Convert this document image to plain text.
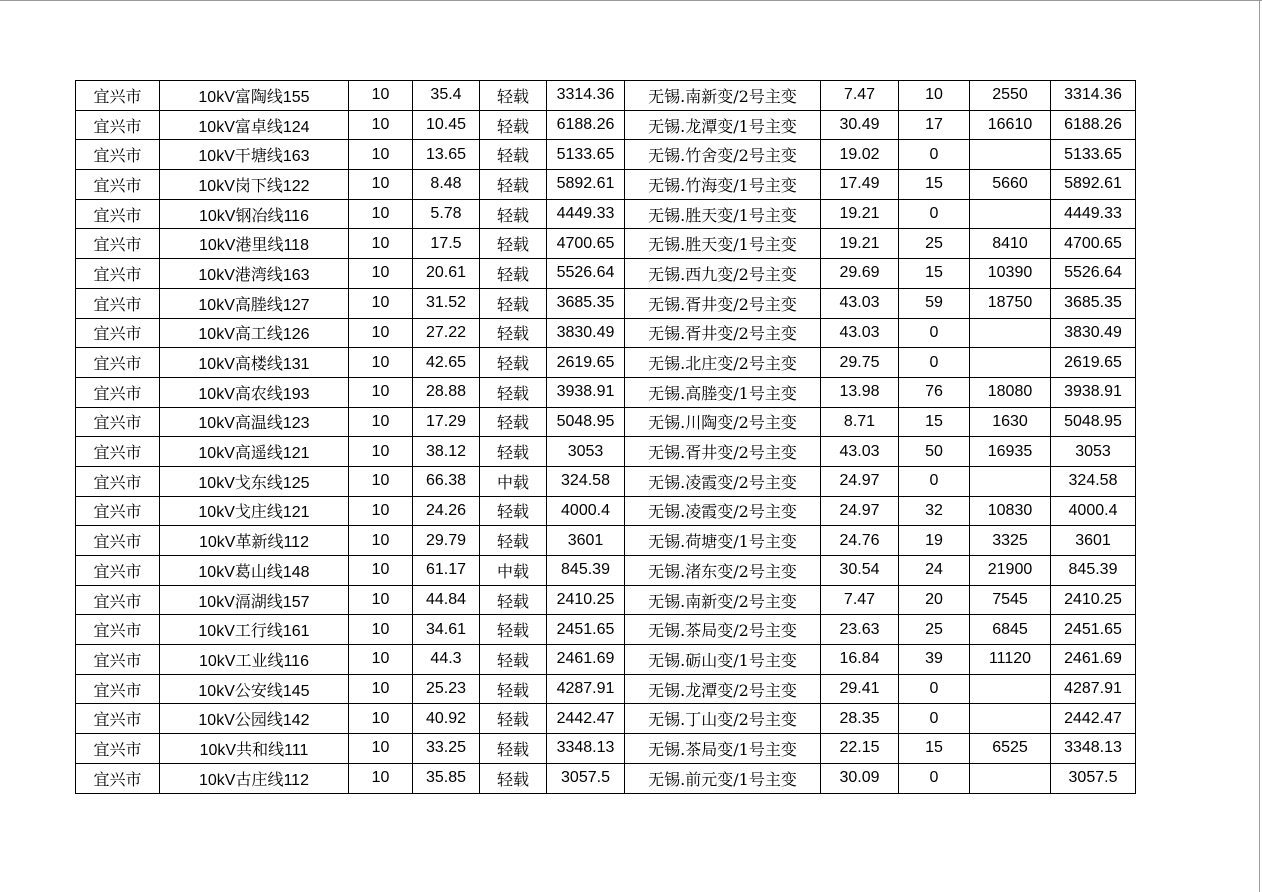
宜兴市	10kV富陶线155	10	35.4	轻载	3314.36	无锡.南新变/2号主变	7.47	10	2550	3314.36
宜兴市	10kV富卓线124	10	10.45	轻载	6188.26	无锡.龙潭变/1号主变	30.49	17	16610	6188.26
宜兴市	10kV干塘线163	10	13.65	轻载	5133.65	无锡.竹舍变/2号主变	19.02	0		5133.65
宜兴市	10kV岗下线122	10	8.48	轻载	5892.61	无锡.竹海变/1号主变	17.49	15	5660	5892.61
宜兴市	10kV钢冶线116	10	5.78	轻载	4449.33	无锡.胜天变/1号主变	19.21	0		4449.33
宜兴市	10kV港里线118	10	17.5	轻载	4700.65	无锡.胜天变/1号主变	19.21	25	8410	4700.65
宜兴市	10kV港湾线163	10	20.61	轻载	5526.64	无锡.西九变/2号主变	29.69	15	10390	5526.64
宜兴市	10kV高塍线127	10	31.52	轻载	3685.35	无锡.胥井变/2号主变	43.03	59	18750	3685.35
宜兴市	10kV高工线126	10	27.22	轻载	3830.49	无锡.胥井变/2号主变	43.03	0		3830.49
宜兴市	10kV高楼线131	10	42.65	轻载	2619.65	无锡.北庄变/2号主变	29.75	0		2619.65
宜兴市	10kV高农线193	10	28.88	轻载	3938.91	无锡.高塍变/1号主变	13.98	76	18080	3938.91
宜兴市	10kV高温线123	10	17.29	轻载	5048.95	无锡.川陶变/2号主变	8.71	15	1630	5048.95
宜兴市	10kV高遥线121	10	38.12	轻载	3053	无锡.胥井变/2号主变	43.03	50	16935	3053
宜兴市	10kV戈东线125	10	66.38	中载	324.58	无锡.凌霞变/2号主变	24.97	0		324.58
宜兴市	10kV戈庄线121	10	24.26	轻载	4000.4	无锡.凌霞变/2号主变	24.97	32	10830	4000.4
宜兴市	10kV革新线112	10	29.79	轻载	3601	无锡.荷塘变/1号主变	24.76	19	3325	3601
宜兴市	10kV葛山线148	10	61.17	中载	845.39	无锡.渚东变/2号主变	30.54	24	21900	845.39
宜兴市	10kV滆湖线157	10	44.84	轻载	2410.25	无锡.南新变/2号主变	7.47	20	7545	2410.25
宜兴市	10kV工行线161	10	34.61	轻载	2451.65	无锡.茶局变/2号主变	23.63	25	6845	2451.65
宜兴市	10kV工业线116	10	44.3	轻载	2461.69	无锡.砺山变/1号主变	16.84	39	11120	2461.69
宜兴市	10kV公安线145	10	25.23	轻载	4287.91	无锡.龙潭变/2号主变	29.41	0		4287.91
宜兴市	10kV公园线142	10	40.92	轻载	2442.47	无锡.丁山变/2号主变	28.35	0		2442.47
宜兴市	10kV共和线111	10	33.25	轻载	3348.13	无锡.茶局变/1号主变	22.15	15	6525	3348.13
宜兴市	10kV古庄线112	10	35.85	轻载	3057.5	无锡.前元变/1号主变	30.09	0		3057.5
